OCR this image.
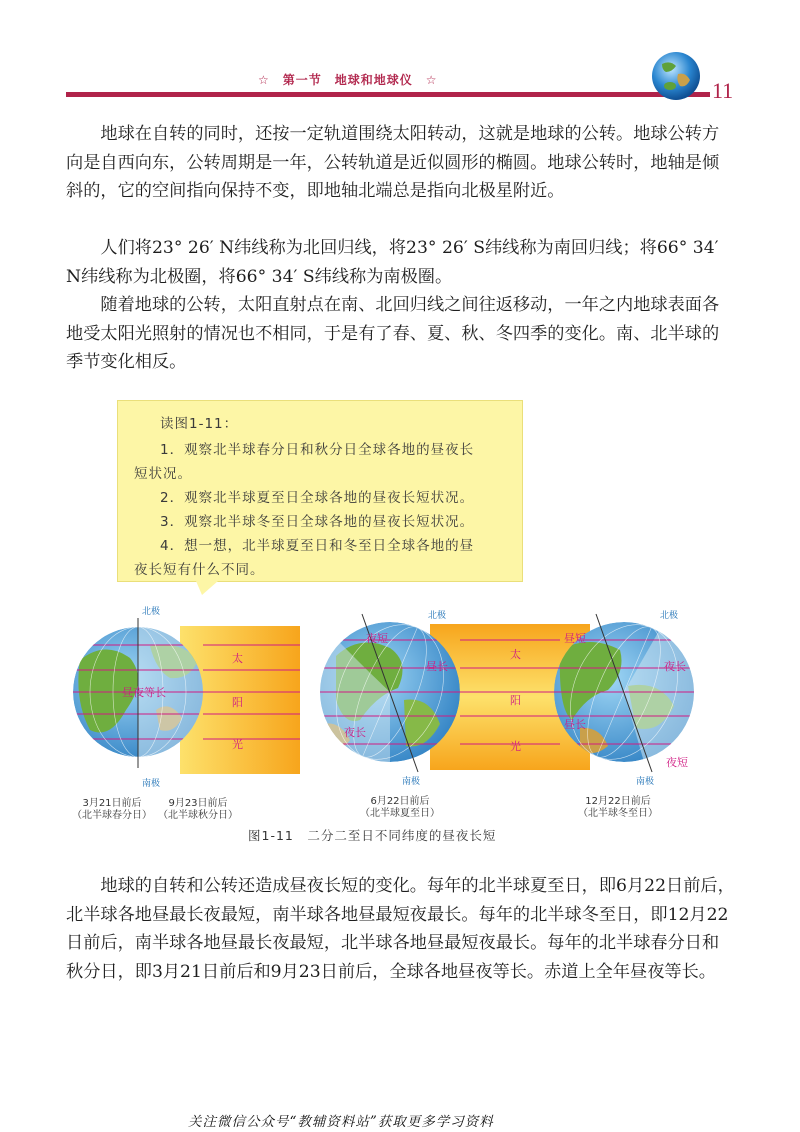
☆　第一节　地球和地球仪　☆	11

地球在自转的同时，还按一定轨道围绕太阳转动，这就是地球的公转。地球公转方向是自西向东，公转周期是一年，公转轨道是近似圆形的椭圆。地球公转时，地轴是倾斜的，它的空间指向保持不变，即地轴北端总是指向北极星附近。

人们将23° 26′ N纬线称为北回归线，将23° 26′ S纬线称为南回归线；将66° 34′ N纬线称为北极圈，将66° 34′ S纬线称为南极圈。

随着地球的公转，太阳直射点在南、北回归线之间往返移动，一年之内地球表面各地受太阳光照射的情况也不相同，于是有了春、夏、秋、冬四季的变化。南、北半球的季节变化相反。

读图1-11：
1．观察北半球春分日和秋分日全球各地的昼夜长
短状况。
2．观察北半球夏至日全球各地的昼夜长短状况。
3．观察北半球冬至日全球各地的昼夜长短状况。
4．想一想，北半球夏至日和冬至日全球各地的昼
夜长短有什么不同。
北极
南极
昼夜等长
太
阳
光
太
阳
光
北极
南极
夜短
昼长
夜长
北极
南极
昼短
夜长
昼长
夜短
3月21日前后
（北半球春分日）
9月23日前后
（北半球秋分日）
6月22日前后
（北半球夏至日）
12月22日前后
（北半球冬至日）
图1-11　二分二至日不同纬度的昼夜长短

地球的自转和公转还造成昼夜长短的变化。每年的北半球夏至日，即6月22日前后，北半球各地昼最长夜最短，南半球各地昼最短夜最长。每年的北半球冬至日，即12月22日前后，南半球各地昼最长夜最短，北半球各地昼最短夜最长。每年的北半球春分日和秋分日，即3月21日前后和9月23日前后，全球各地昼夜等长。赤道上全年昼夜等长。

关注微信公众号“教辅资料站”获取更多学习资料
